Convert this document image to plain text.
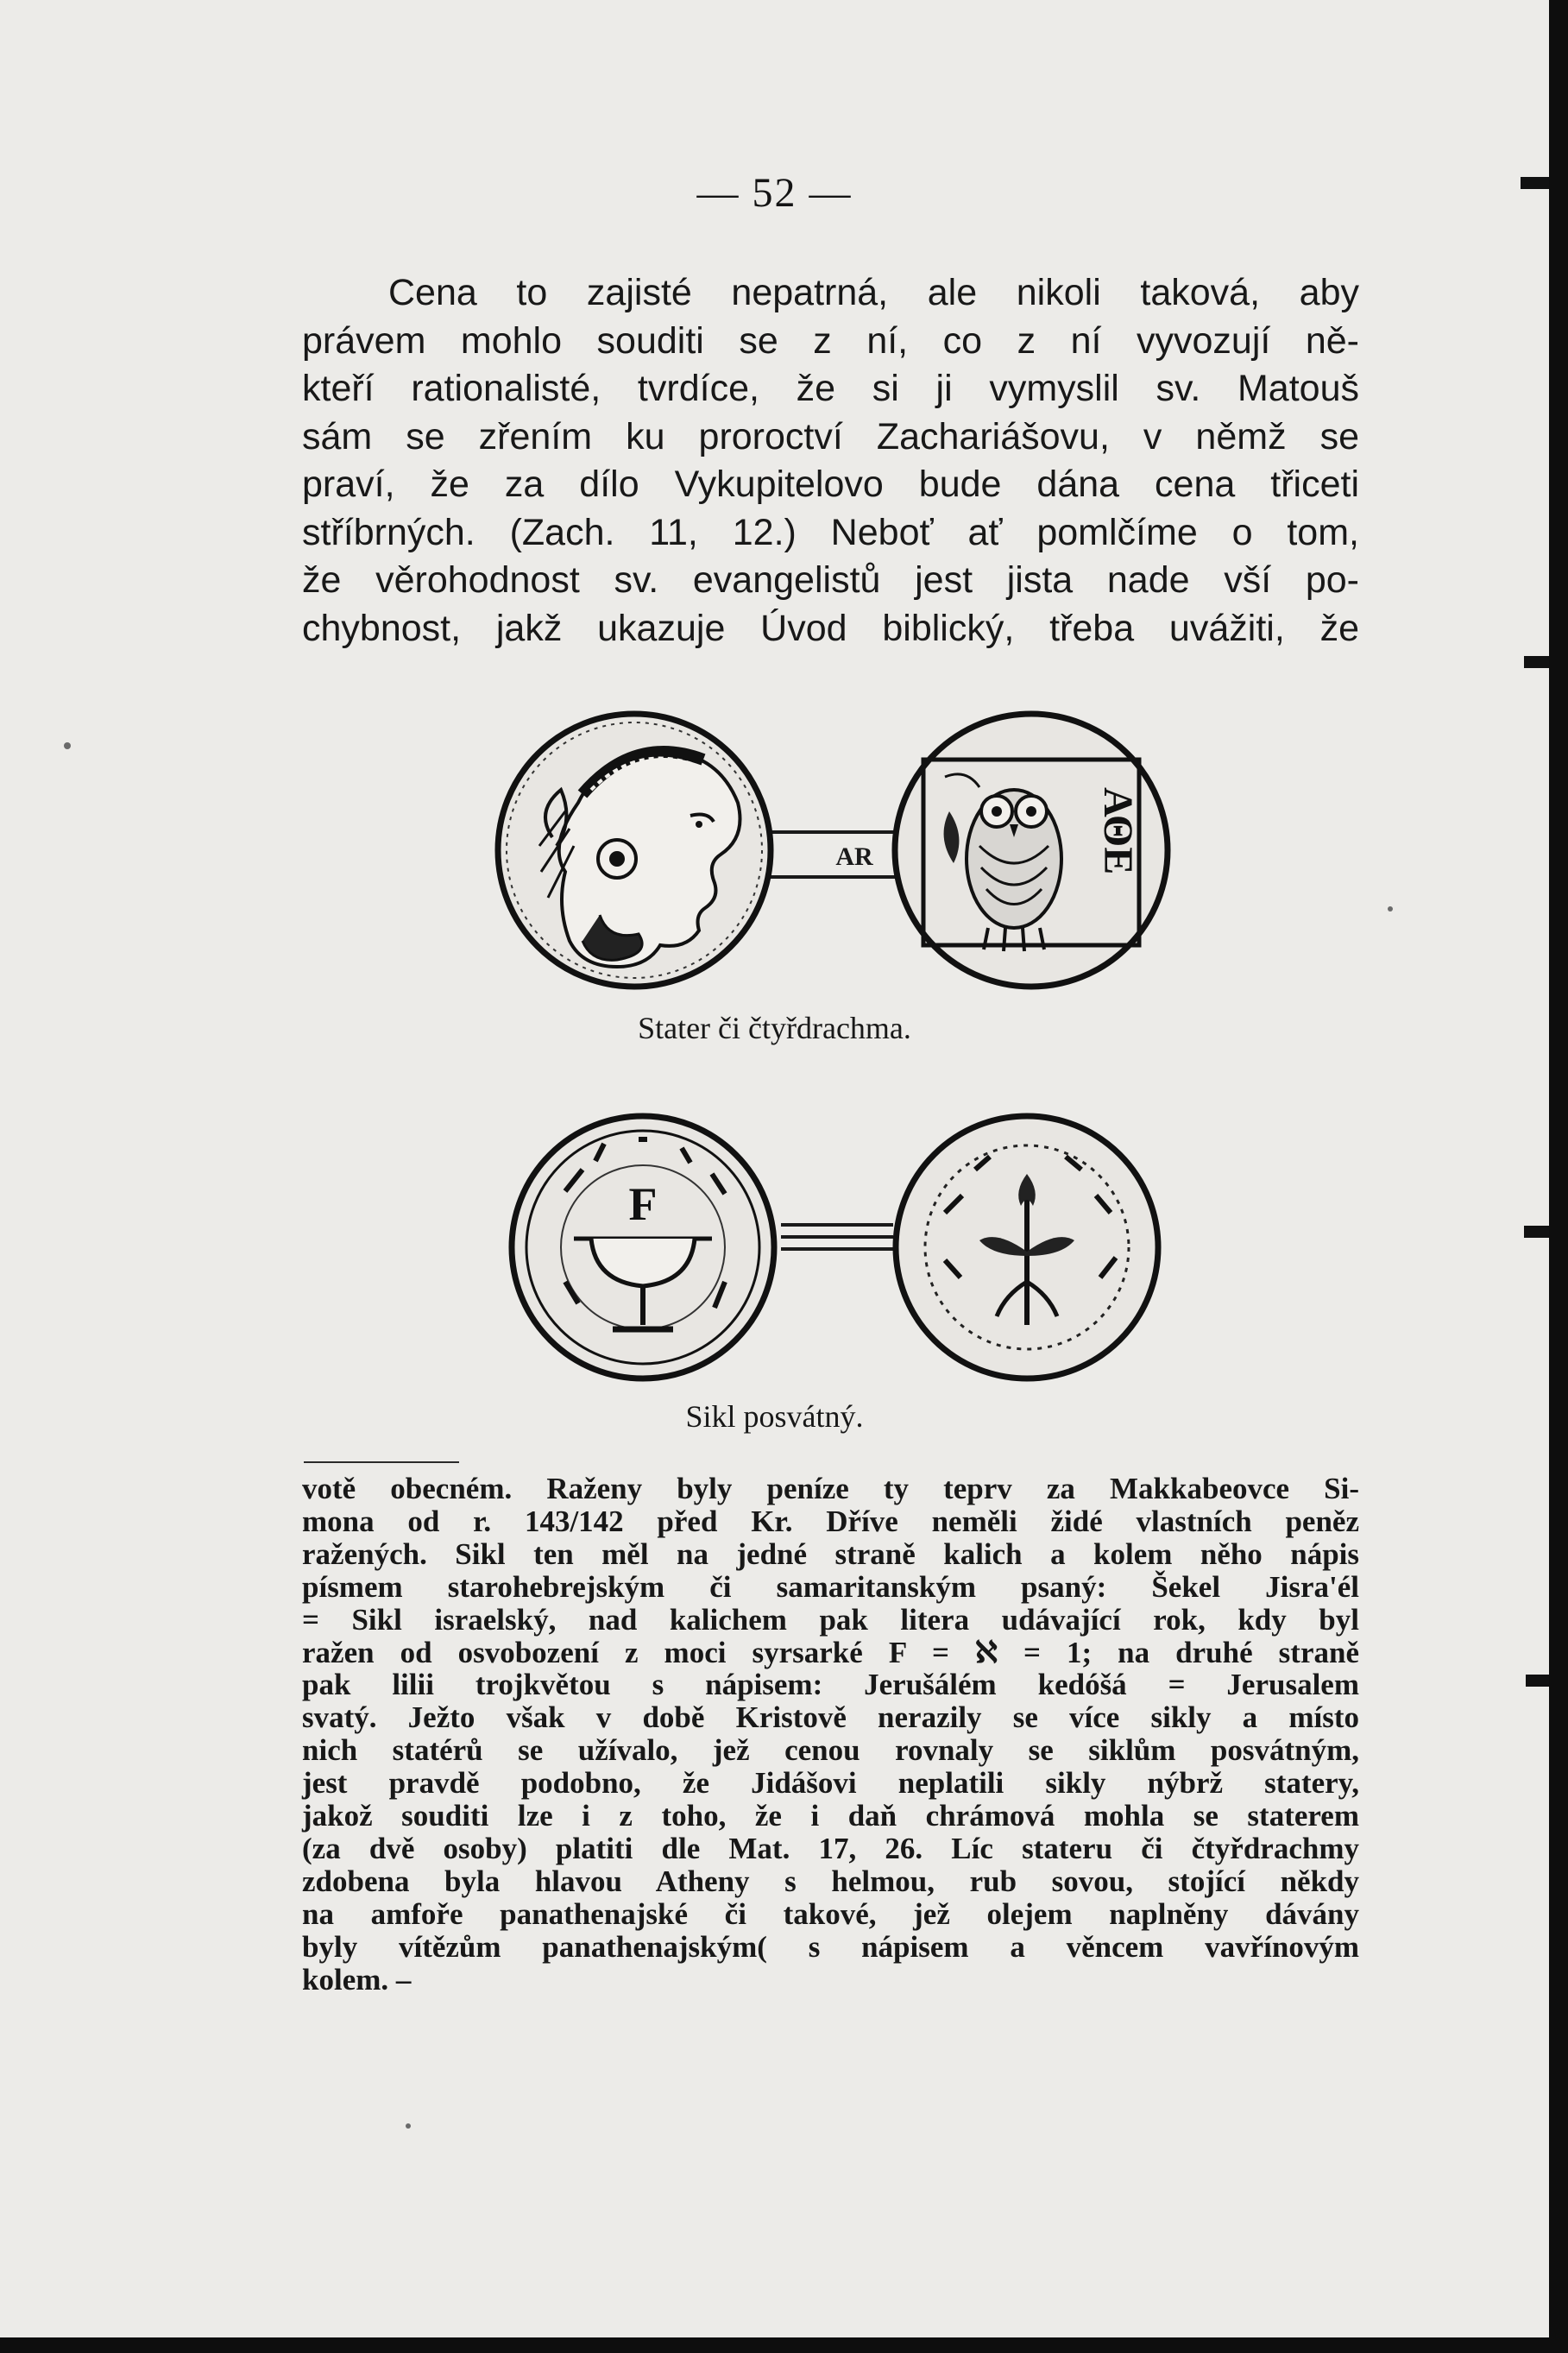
— 52 —
Cena to zajisté nepatrná, ale nikoli taková, aby
právem mohlo souditi se z ní, co z ní vyvozují ně-
kteří rationalisté, tvrdíce, že si ji vymyslil sv. Matouš
sám se zřením ku proroctví Zachariášovu, v němž se
praví, že za dílo Vykupitelovo bude dána cena třiceti
stříbrných. (Zach. 11, 12.) Neboť ať pomlčíme o tom,
že věrohodnost sv. evangelistů jest jista nade vší po-
chybnost, jakž ukazuje Úvod biblický, třeba uvážiti, že
AR	ΑΘΕ
Stater či čtyřdrachma.
F
Sikl posvátný.
votě obecném. Raženy byly peníze ty teprv za Makkabeovce Si-
mona od r. 143/142 před Kr. Dříve neměli židé vlastních peněz
ražených. Sikl ten měl na jedné straně kalich a kolem něho nápis
písmem starohebrejským či samaritanským psaný: Šekel Jisra'él
= Sikl israelský, nad kalichem pak litera udávající rok, kdy byl
ražen od osvobození z moci syrsarké F = ℵ = 1; na druhé straně
pak lilii trojkvětou s nápisem: Jerušálém kedóšá = Jerusalem
svatý. Ježto však v době Kristově nerazily se více sikly a místo
nich statérů se užívalo, jež cenou rovnaly se siklům posvátným,
jest pravdě podobno, že Jidášovi neplatili sikly nýbrž statery,
jakož souditi lze i z toho, že i daň chrámová mohla se staterem
(za dvě osoby) platiti dle Mat. 17, 26. Líc stateru či čtyřdrachmy
zdobena byla hlavou Atheny s helmou, rub sovou, stojící někdy
na amfoře panathenajské či takové, jež olejem naplněny dávány
byly vítězům panathenajským( s nápisem a věncem vavřínovým
kolem. –
